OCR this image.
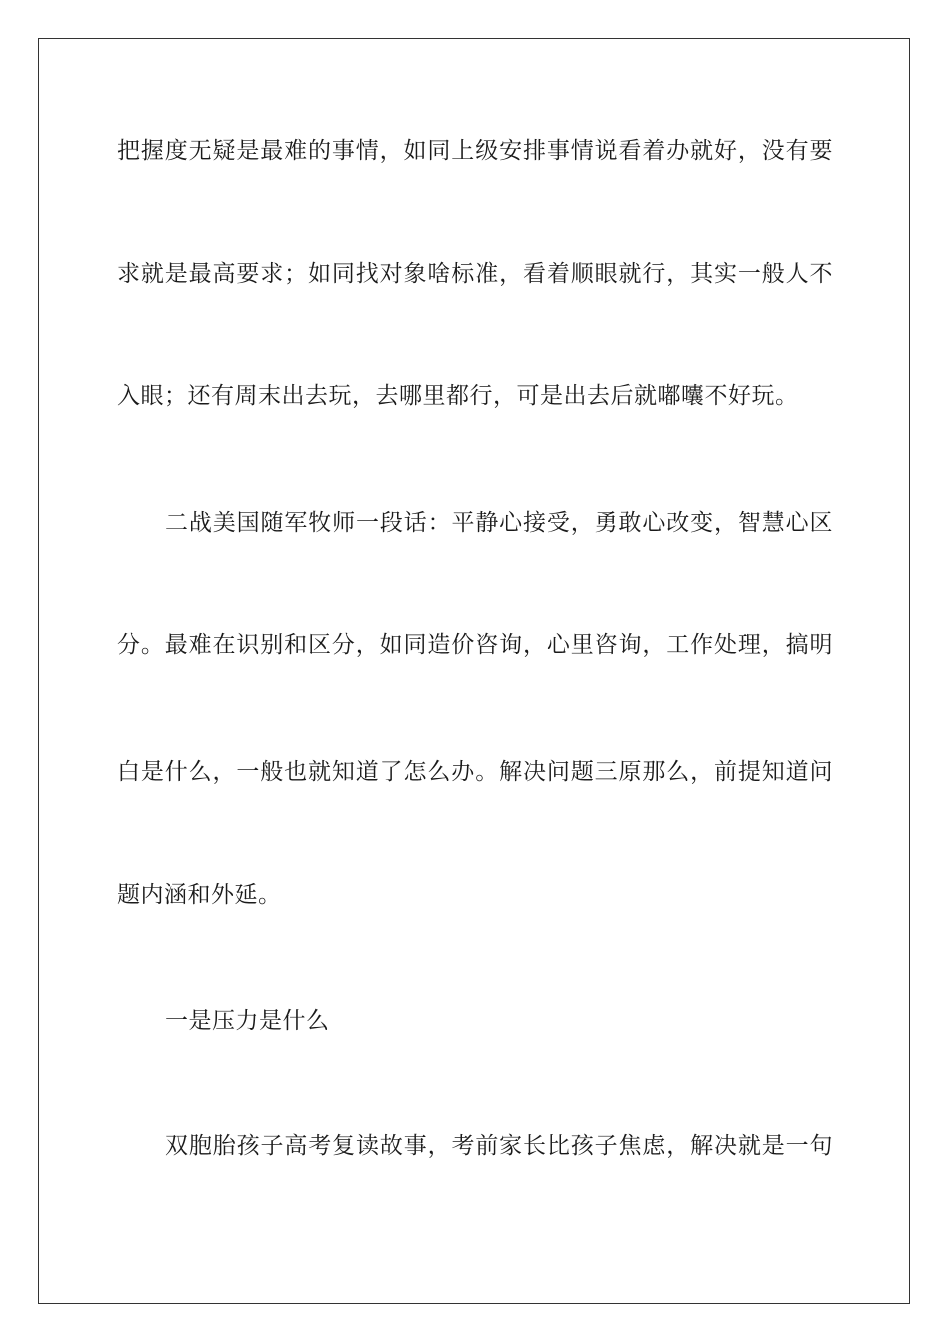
把握度无疑是最难的事情，如同上级安排事情说看着办就好，没有要
求就是最高要求；如同找对象啥标准，看着顺眼就行，其实一般人不
入眼；还有周末出去玩，去哪里都行，可是出去后就嘟囔不好玩。
二战美国随军牧师一段话：平静心接受，勇敢心改变，智慧心区
分。最难在识别和区分，如同造价咨询，心里咨询，工作处理，搞明
白是什么，一般也就知道了怎么办。解决问题三原那么，前提知道问
题内涵和外延。
一是压力是什么
双胞胎孩子高考复读故事，考前家长比孩子焦虑，解决就是一句
